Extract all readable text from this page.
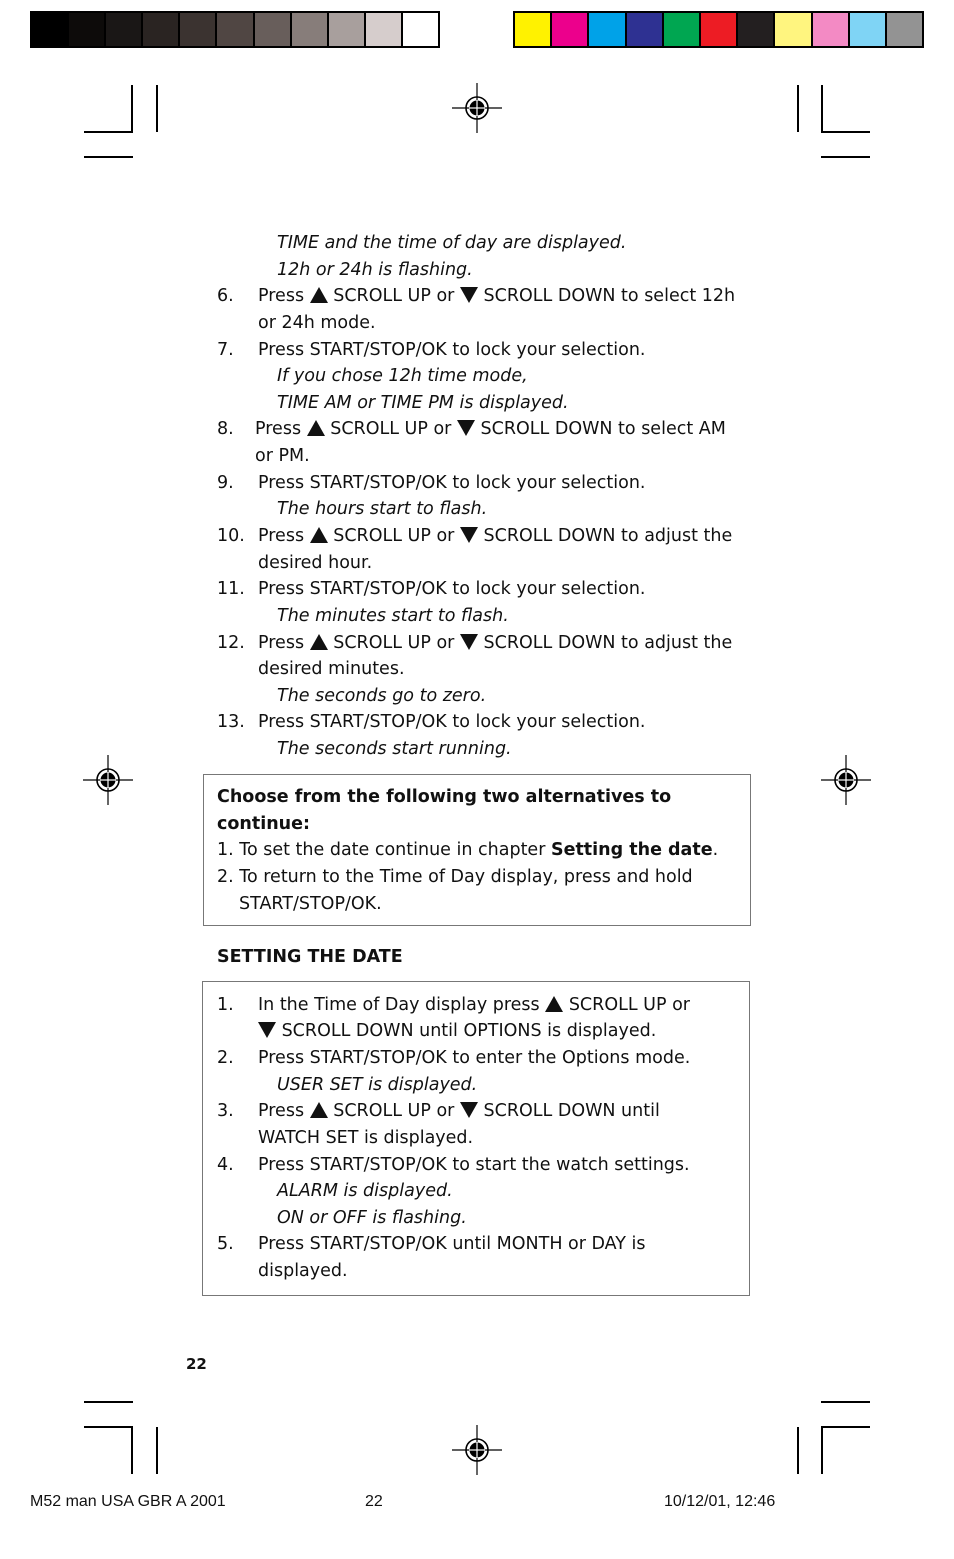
TIME and the time of day are displayed.
12h or 24h is flashing.
6. Press SCROLL UP or SCROLL DOWN to select 12h
or 24h mode.
7. Press START/STOP/OK to lock your selection.
If you chose 12h time mode,
TIME AM or TIME PM is displayed.
8. Press SCROLL UP or SCROLL DOWN to select AM
or PM.
9. Press START/STOP/OK to lock your selection.
The hours start to flash.
10. Press SCROLL UP or SCROLL DOWN to adjust the
desired hour.
11. Press START/STOP/OK to lock your selection.
The minutes start to flash.
12. Press SCROLL UP or SCROLL DOWN to adjust the
desired minutes.
The seconds go to zero.
13. Press START/STOP/OK to lock your selection.
The seconds start running.
Choose from the following two alternatives to
continue:
1. To set the date continue in chapter Setting the date.
2. To return to the Time of Day display, press and hold
START/STOP/OK.
SETTING THE DATE
1. In the Time of Day display press SCROLL UP or
SCROLL DOWN until OPTIONS is displayed.
2. Press START/STOP/OK to enter the Options mode.
USER SET is displayed.
3. Press SCROLL UP or SCROLL DOWN until
WATCH SET is displayed.
4. Press START/STOP/OK to start the watch settings.
ALARM is displayed.
ON or OFF is flashing.
5. Press START/STOP/OK until MONTH or DAY is
displayed.
22
M52 man USA GBR A 2001	22	10/12/01, 12:46
